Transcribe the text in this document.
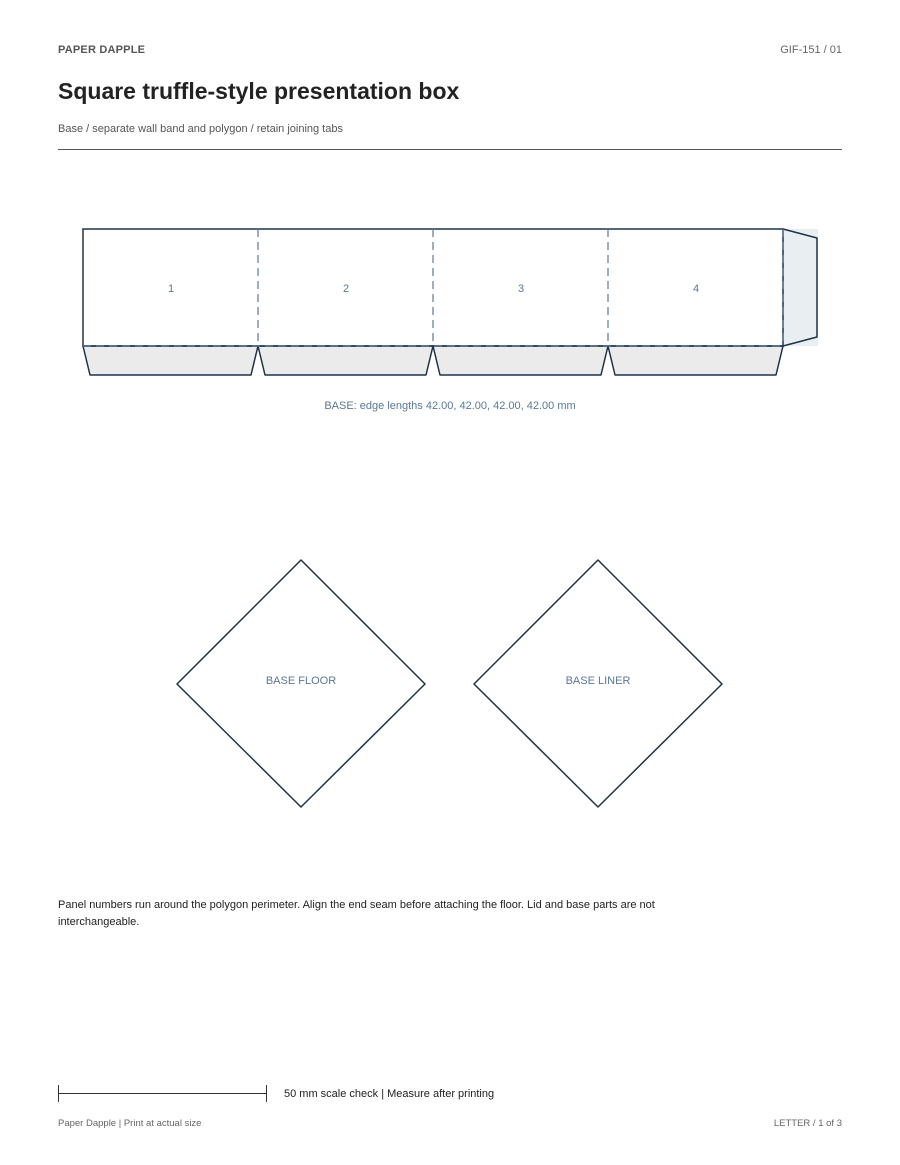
PAPER DAPPLE	GIF-151 / 01
Square truffle-style presentation box
Base / separate wall band and polygon / retain joining tabs
1	2	3	4
BASE: edge lengths 42.00, 42.00, 42.00, 42.00 mm
BASE FLOOR	BASE LINER
Panel numbers run around the polygon perimeter. Align the end seam before attaching the floor. Lid and base parts are not interchangeable.
50 mm scale check | Measure after printing
Paper Dapple | Print at actual size	LETTER / 1 of 3
